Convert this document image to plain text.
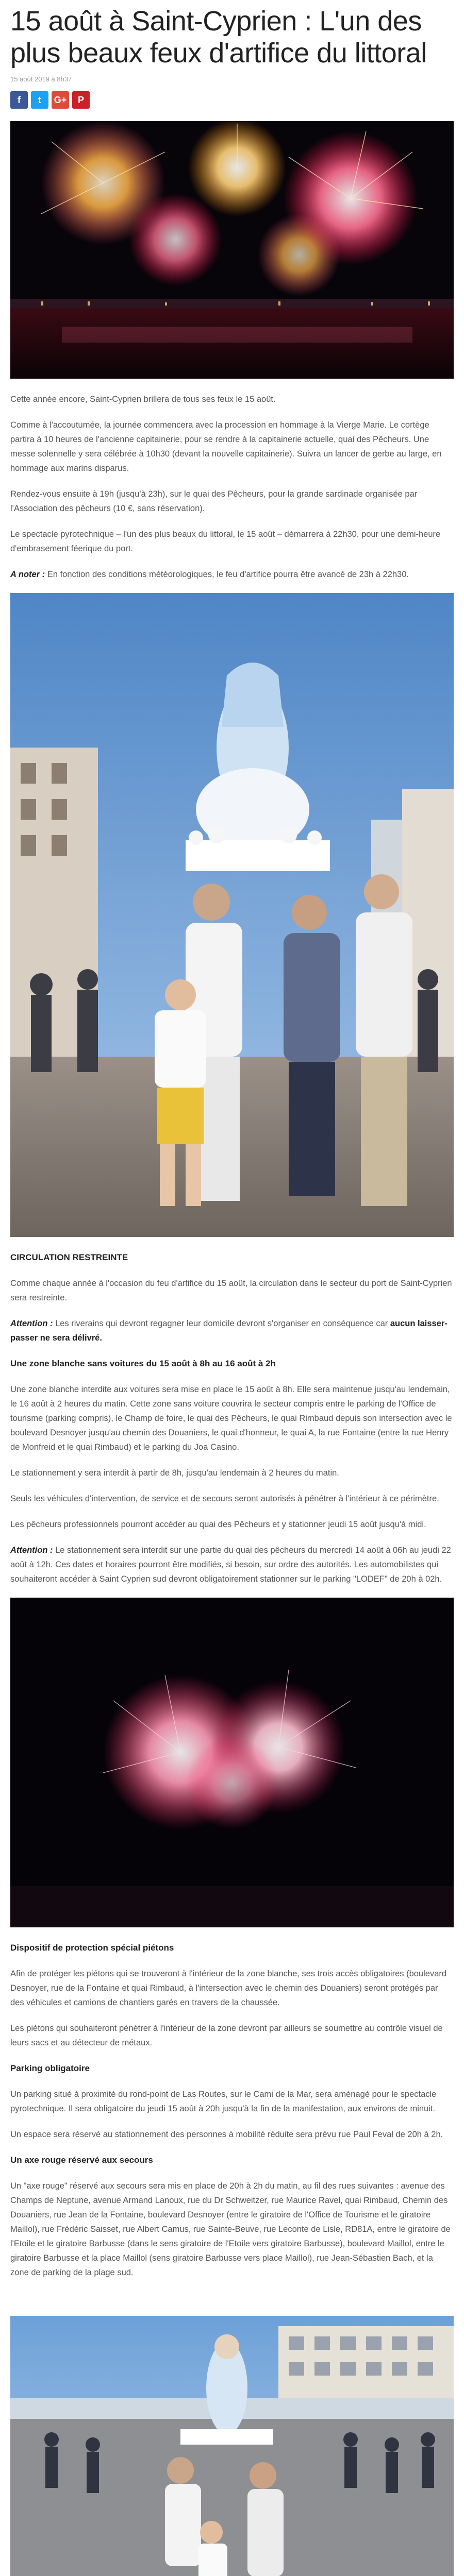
15 août à Saint-Cyprien : L'un des plus beaux feux d'artifice du littoral
15 août 2019 à 8h37
f	t	G+	P

Cette année encore, Saint-Cyprien brillera de tous ses feux le 15 août.

Comme à l'accoutumée, la journée commencera avec la procession en hommage à la Vierge Marie. Le cortège partira à 10 heures de l'ancienne capitainerie, pour se rendre à la capitainerie actuelle, quai des Pêcheurs. Une messe solennelle y sera célébrée à 10h30 (devant la nouvelle capitainerie). Suivra un lancer de gerbe au large, en hommage aux marins disparus.

Rendez-vous ensuite à 19h (jusqu'à 23h), sur le quai des Pêcheurs, pour la grande sardinade organisée par l'Association des pêcheurs (10 €, sans réservation).

Le spectacle pyrotechnique – l'un des plus beaux du littoral, le 15 août – démarrera à 22h30, pour une demi-heure d'embrasement féerique du port.

A noter : En fonction des conditions météorologiques, le feu d'artifice pourra être avancé de 23h à 22h30.

CIRCULATION RESTREINTE

Comme chaque année à l'occasion du feu d'artifice du 15 août, la circulation dans le secteur du port de Saint-Cyprien sera restreinte.

Attention : Les riverains qui devront regagner leur domicile devront s'organiser en conséquence car aucun laisser-passer ne sera délivré.

Une zone blanche sans voitures du 15 août à 8h au 16 août à 2h

Une zone blanche interdite aux voitures sera mise en place le 15 août à 8h. Elle sera maintenue jusqu'au lendemain, le 16 août à 2 heures du matin. Cette zone sans voiture couvrira le secteur compris entre le parking de l'Office de tourisme (parking compris), le Champ de foire, le quai des Pêcheurs, le quai Rimbaud depuis son intersection avec le boulevard Desnoyer jusqu'au chemin des Douaniers, le quai d'honneur, le quai A, la rue Fontaine (entre la rue Henry de Monfreid et le quai Rimbaud) et le parking du Joa Casino.

Le stationnement y sera interdit à partir de 8h, jusqu'au lendemain à 2 heures du matin.

Seuls les véhicules d'intervention, de service et de secours seront autorisés à pénétrer à l'intérieur à ce périmètre.

Les pêcheurs professionnels pourront accéder au quai des Pêcheurs et y stationner jeudi 15 août jusqu'à midi.

Attention : Le stationnement sera interdit sur une partie du quai des pêcheurs du mercredi 14 août à 06h au jeudi 22 août à 12h. Ces dates et horaires pourront être modifiés, si besoin, sur ordre des autorités. Les automobilistes qui souhaiteront accéder à Saint Cyprien sud devront obligatoirement stationner sur le parking "LODEF" de 20h à 02h.

Dispositif de protection spécial piétons

Afin de protéger les piétons qui se trouveront à l'intérieur de la zone blanche, ses trois accès obligatoires (boulevard Desnoyer, rue de la Fontaine et quai Rimbaud, à l'intersection avec le chemin des Douaniers) seront protégés par des véhicules et camions de chantiers garés en travers de la chaussée.

Les piétons qui souhaiteront pénétrer à l'intérieur de la zone devront par ailleurs se soumettre au contrôle visuel de leurs sacs et au détecteur de métaux.

Parking obligatoire

Un parking situé à proximité du rond-point de Las Routes, sur le Cami de la Mar, sera aménagé pour le spectacle pyrotechnique. Il sera obligatoire du jeudi 15 août à 20h jusqu'à la fin de la manifestation, aux environs de minuit.

Un espace sera réservé au stationnement des personnes à mobilité réduite sera prévu rue Paul Feval de 20h à 2h.

Un axe rouge réservé aux secours

Un "axe rouge" réservé aux secours sera mis en place de 20h à 2h du matin, au fil des rues suivantes : avenue des Champs de Neptune, avenue Armand Lanoux, rue du Dr Schweitzer, rue Maurice Ravel, quai Rimbaud, Chemin des Douaniers, rue Jean de la Fontaine, boulevard Desnoyer (entre le giratoire de l'Office de Tourisme et le giratoire Maillol), rue Frédéric Saisset, rue Albert Camus, rue Sainte-Beuve, rue Leconte de Lisle, RD81A, entre le giratoire de l'Etoile et le giratoire Barbusse (dans le sens giratoire de l'Etoile vers giratoire Barbusse), boulevard Maillol, entre le giratoire Barbusse et la place Maillol (sens giratoire Barbusse vers place Maillol), rue Jean-Sébastien Bach, et la zone de parking de la plage sud.
